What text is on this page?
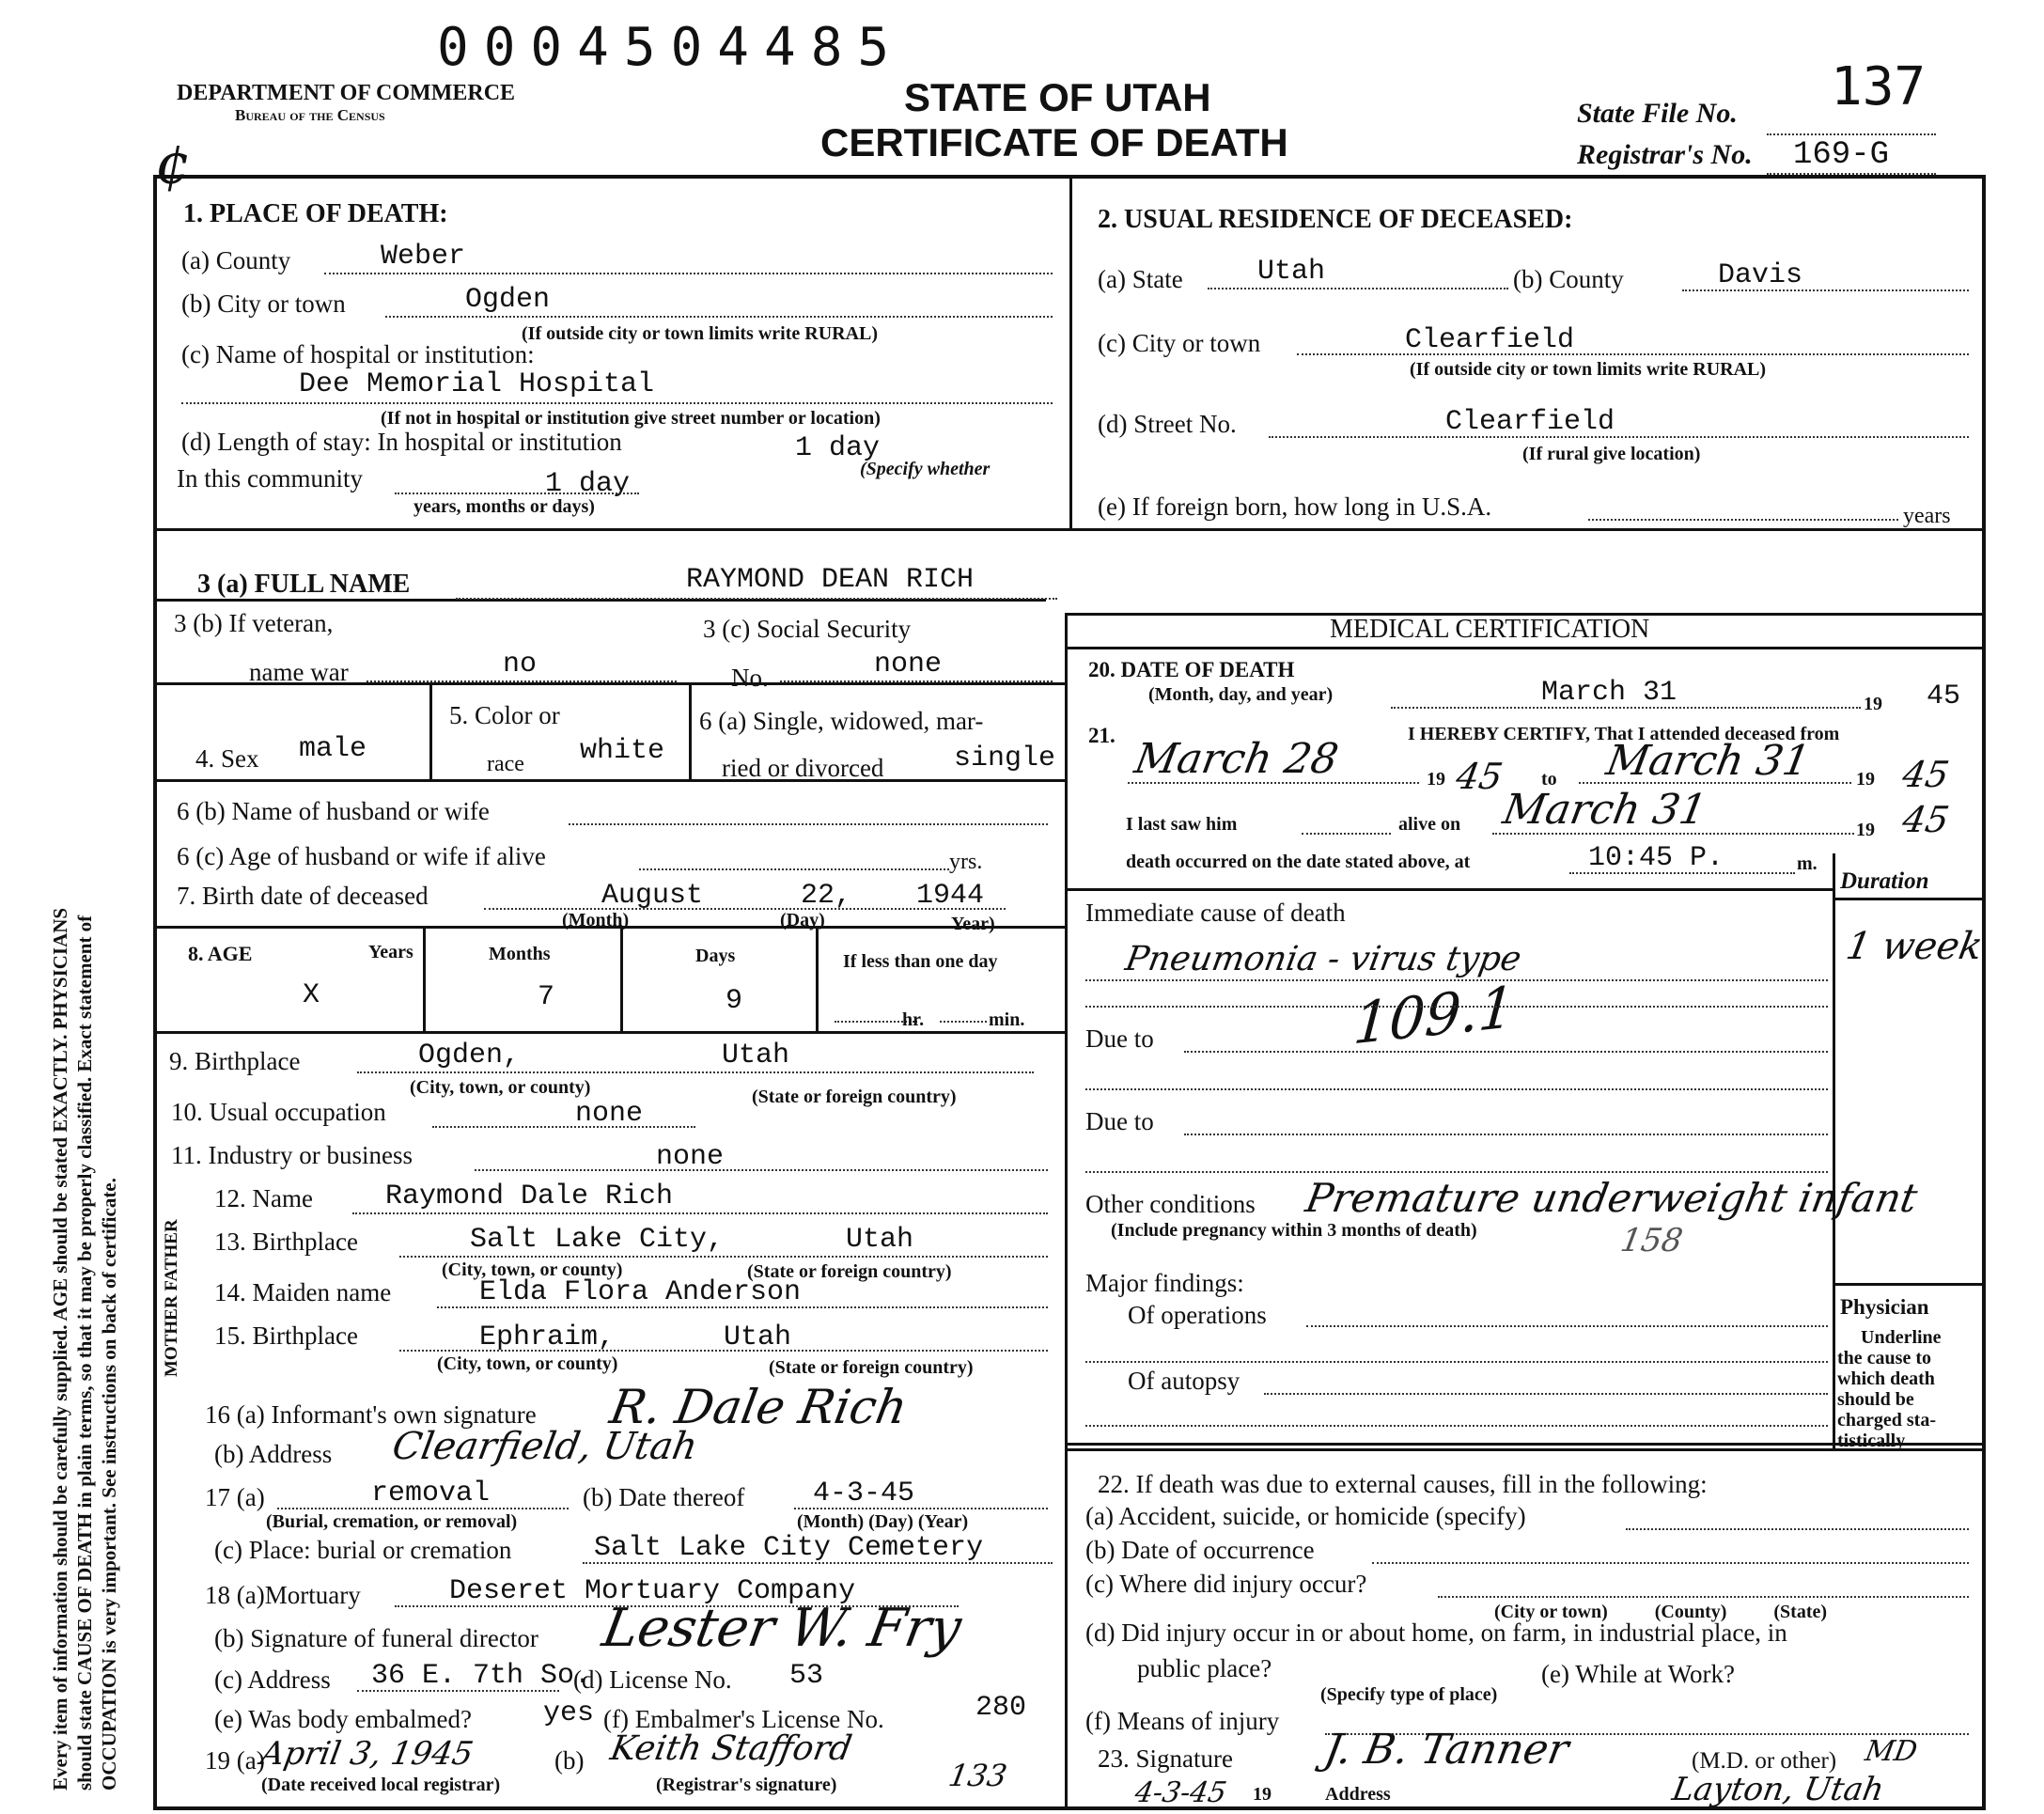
Every item of information should be carefully supplied. AGE should be stated EXACTLY. PHYSICIANS should state CAUSE OF DEATH in plain terms, so that it may be properly classified. Exact statement of OCCUPATION is very important. See instructions on back of certificate. MOTHER FATHER
0004504485
DEPARTMENT OF COMMERCE
Bureau of the Census	STATE OF UTAH
CERTIFICATE OF DEATH
State File No. 137
Registrar's No. 169-G
¢
1. PLACE OF DEATH:
(a) County	Weber
(b) City or town	Ogden
(If outside city or town limits write RURAL)
(c) Name of hospital or institution:
Dee Memorial Hospital
(If not in hospital or institution give street number or location)
(d) Length of stay: In hospital or institution	1 day
(Specify whether
In this community	1 day
years, months or days)
2. USUAL RESIDENCE OF DECEASED:
(a) State	Utah	(b) County	Davis
(c) City or town	Clearfield
(If outside city or town limits write RURAL)
(d) Street No.	Clearfield
(If rural give location)
(e) If foreign born, how long in U.S.A.	years
3 (a) FULL NAME	RAYMOND DEAN RICH
3 (b) If veteran,
name war	no
3 (c) Social Security
No.	none
4. Sex male
5. Color or
race white
6 (a) Single, widowed, mar-
ried or divorced single
6 (b) Name of husband or wife
6 (c) Age of husband or wife if alive	yrs.
7. Birth date of deceased	August	22, 1944
(Month)	(Day)	Year)
8. AGE	Years	Months	Days	If less than one day
X	7	9
hr.	min.
9. Birthplace	Ogden,	Utah
(City, town, or county)	(State or foreign country)
10. Usual occupation	none
11. Industry or business	none
12. Name	Raymond Dale Rich
13. Birthplace	Salt Lake City,	Utah
(City, town, or county)	(State or foreign country)
14. Maiden name	Elda Flora Anderson
15. Birthplace	Ephraim,	Utah
(City, town, or county)	(State or foreign country)
16 (a) Informant's own signature R. Dale Rich
(b) Address Clearfield, Utah
17 (a)	removal
(Burial, cremation, or removal)
(b) Date thereof 4-3-45
(Month) (Day) (Year)
(c) Place: burial or cremation	Salt Lake City Cemetery
18 (a)Mortuary	Deseret Mortuary Company
(b) Signature of funeral director Lester W. Fry
(c) Address 36 E. 7th So.
(d) License No. 53
(e) Was body embalmed?	yes (f) Embalmer's License No.	280
19 (a)
April 3, 1945
(Date received local registrar)
(b) Keith Stafford
(Registrar's signature)	133
MEDICAL CERTIFICATION
20. DATE OF DEATH
(Month, day, and year)	March 31	19 45
21.	I HEREBY CERTIFY, That I attended deceased from
March 28	19 45 to March 31 19 45
I last saw him	alive on March 31	19 45
death occurred on the date stated above, at	10:45 P.	m.
Duration
Immediate cause of death
Pneumonia - virus type	1 week
109.1
Due to
Due to
Other conditions Premature underweight infant
(Include pregnancy within 3 months of death)	158
Major findings:
Of operations
Of autopsy
Physician
Underline
the cause to
which death
should be
charged sta-
tistically
22. If death was due to external causes, fill in the following:
(a) Accident, suicide, or homicide (specify)
(b) Date of occurrence
(c) Where did injury occur?
(City or town)          (County)          (State)
(d) Did injury occur in or about home, on farm, in industrial place, in
public place?	(e) While at Work?
(Specify type of place)
(f) Means of injury
23. Signature J. B. Tanner	(M.D. or other) MD
4-3-45 19	Address	Layton, Utah
